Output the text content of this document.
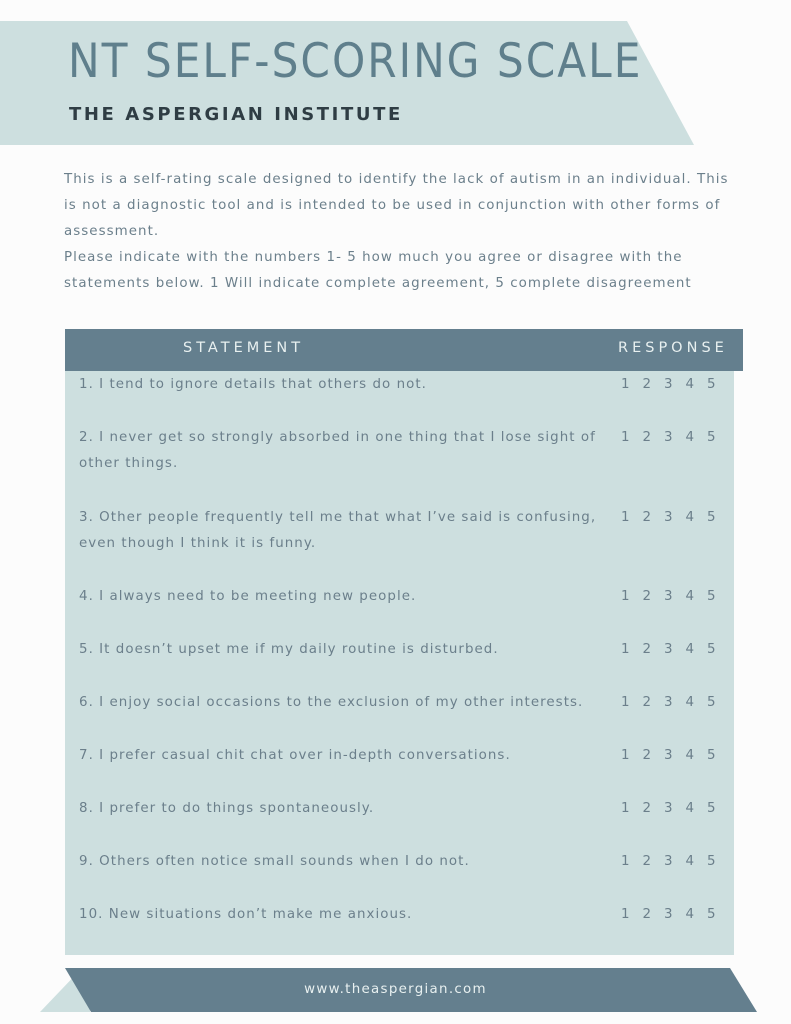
NT SELF-SCORING SCALE
THE ASPERGIAN INSTITUTE

This is a self-rating scale designed to identify the lack of autism in an individual. This is not a diagnostic tool and is intended to be used in conjunction with other forms of assessment.

Please indicate with the numbers 1- 5 how much you agree or disagree with the statements below. 1 Will indicate complete agreement, 5 complete disagreement

STATEMENT	RESPONSE
1. I tend to ignore details that others do not.	1 2 3 4 5
2. I never get so strongly absorbed in one thing that I lose sight of other things.
1 2 3 4 5
3. Other people frequently tell me that what I’ve said is confusing, even though I think it is funny.
1 2 3 4 5
4. I always need to be meeting new people.	1 2 3 4 5
5. It doesn’t upset me if my daily routine is disturbed.	1 2 3 4 5
6. I enjoy social occasions to the exclusion of my other interests.	1 2 3 4 5
7. I prefer casual chit chat over in-depth conversations.	1 2 3 4 5
8. I prefer to do things spontaneously.	1 2 3 4 5
9. Others often notice small sounds when I do not.	1 2 3 4 5
10. New situations don’t make me anxious.	1 2 3 4 5
www.theaspergian.com
